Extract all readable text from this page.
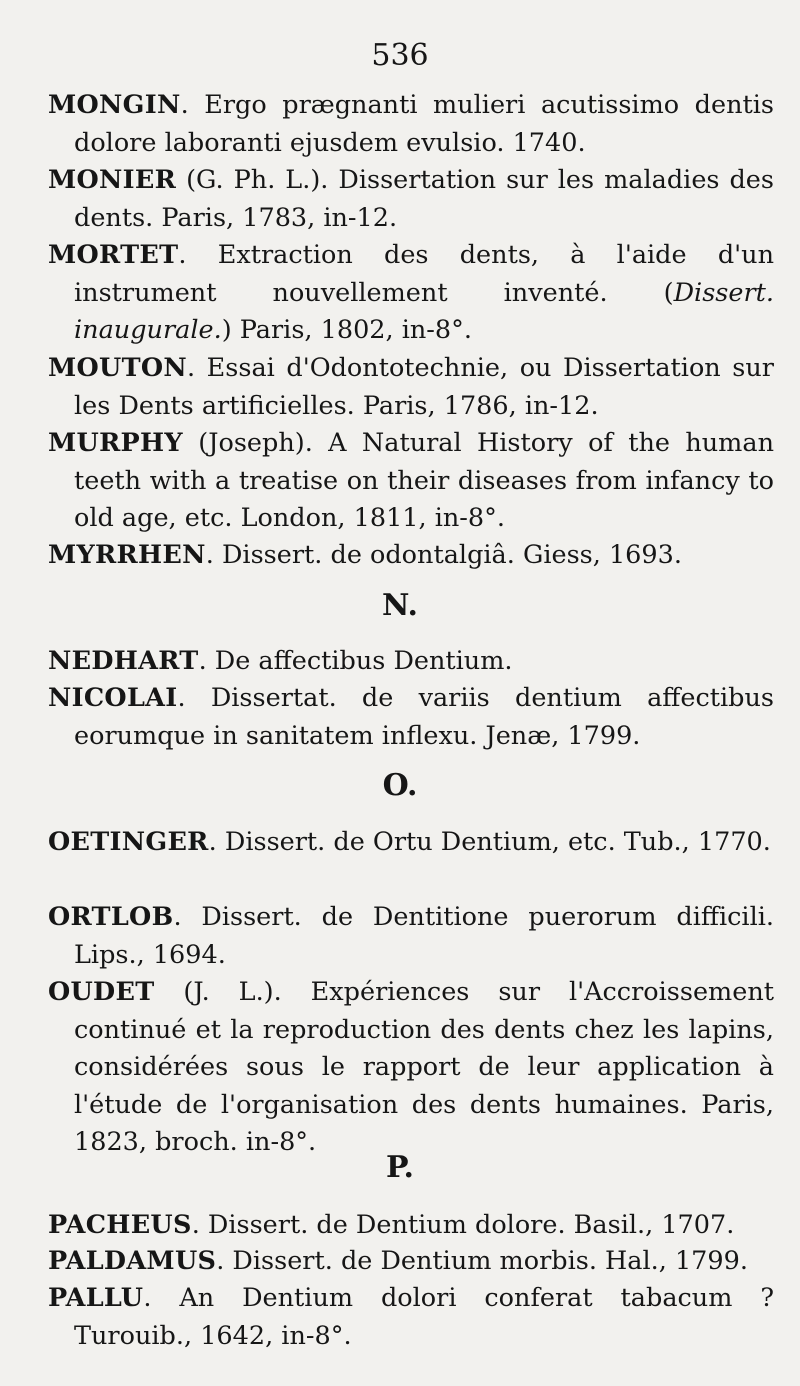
536
MONGIN. Ergo prægnanti mulieri acutissimo dentis dolore laboranti ejusdem evulsio. 1740.
MONIER (G. Ph. L.). Dissertation sur les maladies des dents. Paris, 1783, in-12.
MORTET. Extraction des dents, à l'aide d'un instrument nouvellement inventé. (Dissert. inaugurale.) Paris, 1802, in-8°.
MOUTON. Essai d'Odontotechnie, ou Dissertation sur les Dents artificielles. Paris, 1786, in-12.
MURPHY (Joseph). A Natural History of the human teeth with a treatise on their diseases from infancy to old age, etc. London, 1811, in-8°.
MYRRHEN. Dissert. de odontalgiâ. Giess, 1693.
N.
NEDHART. De affectibus Dentium.
NICOLAI. Dissertat. de variis dentium affectibus eorumque in sanitatem inflexu. Jenæ, 1799.
O.
OETINGER. Dissert. de Ortu Dentium, etc. Tub., 1770.
ORTLOB. Dissert. de Dentitione puerorum difficili. Lips., 1694.
OUDET (J. L.). Expériences sur l'Accroissement continué et la reproduction des dents chez les lapins, considérées sous le rapport de leur application à l'étude de l'organisation des dents humaines. Paris, 1823, broch. in-8°.
P.
PACHEUS. Dissert. de Dentium dolore. Basil., 1707.
PALDAMUS. Dissert. de Dentium morbis. Hal., 1799.
PALLU. An Dentium dolori conferat tabacum ? Turouib., 1642, in-8°.
